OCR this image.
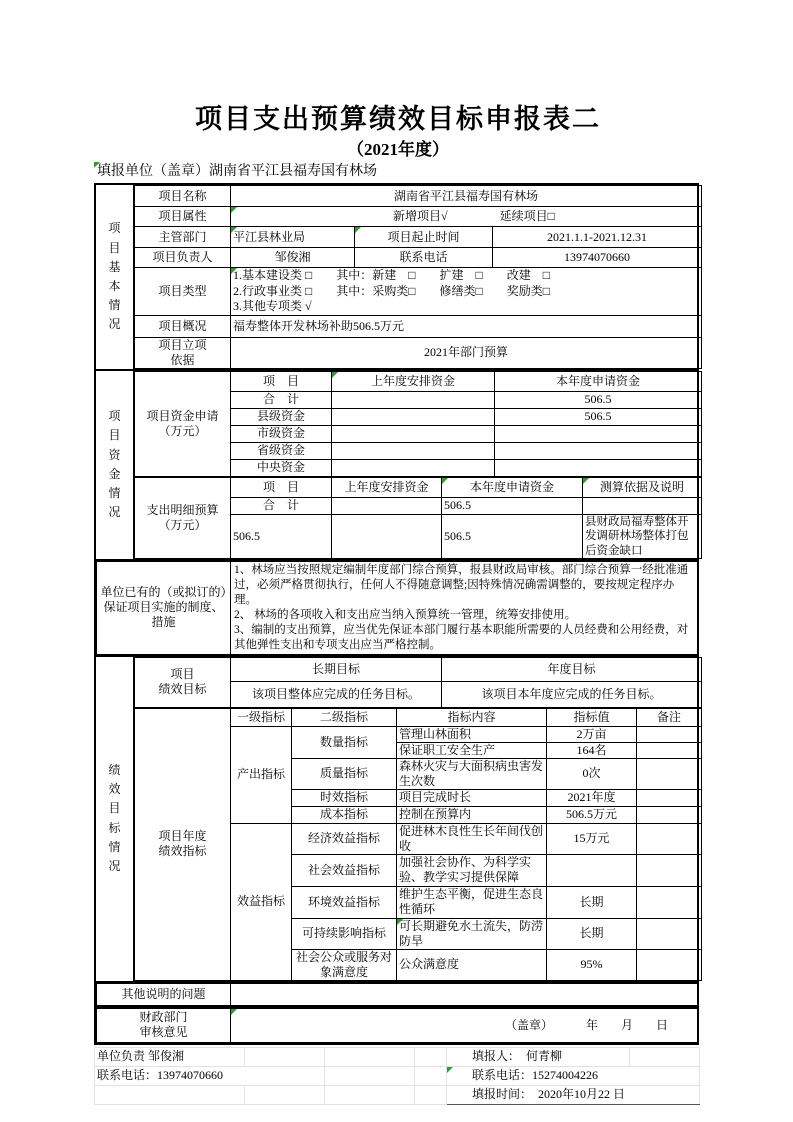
项目支出预算绩效目标申报表二
（2021年度）
填报单位（盖章）湖南省平江县福寿国有林场
项目基本情况
项目名称	湖南省平江县福寿国有林场		
项目属性	新增项目√ 延续项目□		

主管部门	平江县林业局	项目起止时间	2021.1.1-2021.12.31
项目负责人	邹俊湘	联系电话	13974070660
项目类型	1.基本建设类 □　　其中：新建　□　　扩建　□　　改建　□
2.行政事业类 □　　其中：采购类□　　修缮类□　　奖励类□
3.其他专项类 √		

项目概况	福寿整体开发林场补助506.5万元		

项目立项
依据	2021年部门预算		
项目资金情况
项目资金申请
（万元）	项　目	上年度安排资金	本年度申请资金
	合　计		506.5
	县级资金		506.5
	市级资金		
	省级资金		
	中央资金		
支出明细预算
（万元）	项　目	上年度安排资金	本年度申请资金	测算依据及说明
	合　计		506.5	
	506.5		506.5	县财政局福寿整体开发调研林场整体打包后资金缺口
单位已有的（或拟订的）保证项目实施的制度、措施	
1、林场应当按照规定编制年度部门综合预算，报县财政局审核。部门综合预算一经批准通过，必须严格贯彻执行，任何人不得随意调整;因特殊情况确需调整的，要按规定程序办理。
2、 林场的各项收入和支出应当纳入预算统一管理，统筹安排使用。
3、编制的支出预算，应当优先保证本部门履行基本职能所需要的人员经费和公用经费，对其他弹性支出和专项支出应当严格控制。
绩效目标情况
项目
绩效目标	长期目标	年度目标
	该项目整体应完成的任务目标。	该项目本年度应完成的任务目标。
项目年度
绩效指标	一级指标	二级指标	指标内容	指标值	备注
	产出指标	数量指标	管理山林面积	2万亩	
			保证职工安全生产	164名	
		质量指标	森林火灾与大面积病虫害发生次数	0次	
		时效指标	项目完成时长	2021年度	
		成本指标	控制在预算内	506.5万元	
	效益指标	经济效益指标	促进林木良性生长年间伐创收	15万元	
		社会效益指标	加强社会协作、为科学实验、教学实习提供保障		
		环境效益指标	维护生态平衡，促进生态良性循环	长期	
		可持续影响指标	可长期避免水土流失，防涝防旱	长期	
		社会公众或服务对象满意度	公众满意度	95%	
其他说明的问题	
财政部门
审核意见

（盖章）	年 月 日
单位负责 邹俊湘				填报人：　 何青柳	
联系电话：13974070660				联系电话：15274004226	
				填报时间：　 2020年10月22 日	
